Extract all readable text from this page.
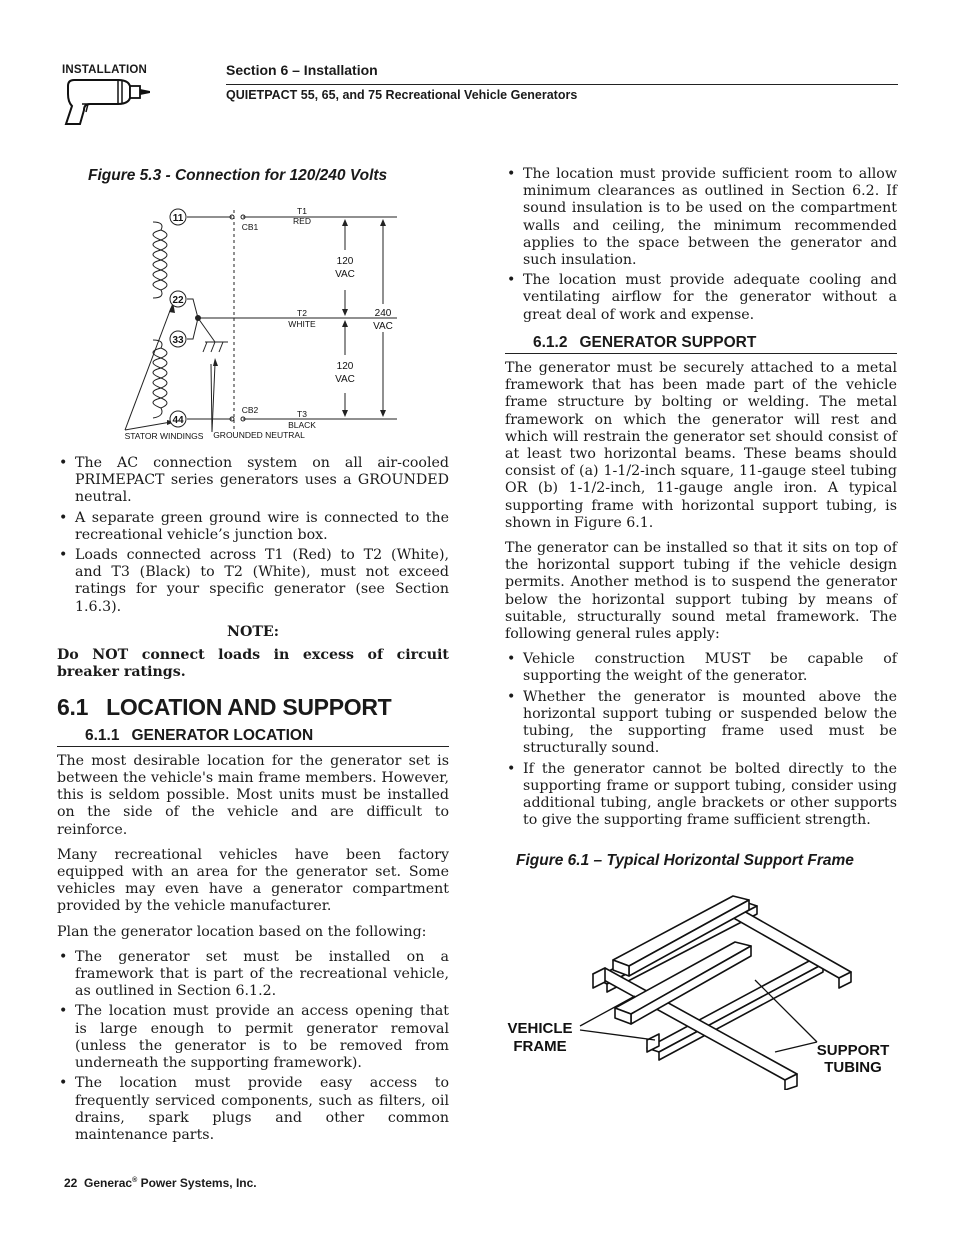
INSTALLATION	Section 6 – Installation
QUIETPACT 55, 65, and 75 Recreational Vehicle Generators
Figure 5.3 - Connection for 120/240 Volts
11
22
33
44
T1
RED
T2
WHITE
T3
BLACK
CB1
CB2
120
VAC
240
VAC
120
VAC
STATOR WINDINGS GROUNDED NEUTRAL
• The AC connection system on all air-cooled PRIMEPACT series generators uses a GROUNDED neutral.
• A separate green ground wire is connected to the recreational vehicle’s junction box.
• Loads connected across T1 (Red) to T2 (White), and T3 (Black) to T2 (White), must not exceed ratings for your specific generator (see Section 1.6.3).

NOTE:

Do NOT connect loads in excess of circuit breaker ratings.

6.1 LOCATION AND SUPPORT
6.1.1 GENERATOR LOCATION

The most desirable location for the generator set is between the vehicle's main frame members. However, this is seldom possible. Most units must be installed on the side of the vehicle and are difficult to reinforce.

Many recreational vehicles have been factory equipped with an area for the generator set. Some vehicles may even have a generator compartment provided by the vehicle manufacturer.

Plan the generator location based on the following:

• The generator set must be installed on a framework that is part of the recreational vehicle, as outlined in Section 6.1.2.
• The location must provide an access opening that is large enough to permit generator removal (unless the generator is to be removed from underneath the supporting framework).
• The location must provide easy access to frequently serviced components, such as filters, oil drains, spark plugs and other common maintenance parts.
• The location must provide sufficient room to allow minimum clearances as outlined in Section 6.2. If sound insulation is to be used on the compartment walls and ceiling, the minimum recommended applies to the space between the generator and such insulation.
• The location must provide adequate cooling and ventilating airflow for the generator without a great deal of work and expense.
6.1.2 GENERATOR SUPPORT

The generator must be securely attached to a metal framework that has been made part of the vehicle frame structure by bolting or welding. The metal framework on which the generator will rest and which will restrain the generator set should consist of at least two horizontal beams. These beams should consist of (a) 1-1/2-inch square, 11-gauge steel tubing OR (b) 1-1/2-inch, 11-gauge angle iron. A typical supporting frame with horizontal support tubing, is shown in Figure 6.1.

The generator can be installed so that it sits on top of the horizontal support tubing if the vehicle design permits. Another method is to suspend the generator below the horizontal support tubing by means of suitable, structurally sound metal framework. The following general rules apply:

• Vehicle construction MUST be capable of supporting the weight of the generator.
• Whether the generator is mounted above the horizontal support tubing or suspended below the tubing, the supporting frame used must be structurally sound.
• If the generator cannot be bolted directly to the supporting frame or support tubing, consider using additional tubing, angle brackets or other supports to give the supporting frame sufficient strength.
Figure 6.1 – Typical Horizontal Support Frame
VEHICLE
FRAME	SUPPORT
TUBING
22 Generac® Power Systems, Inc.
